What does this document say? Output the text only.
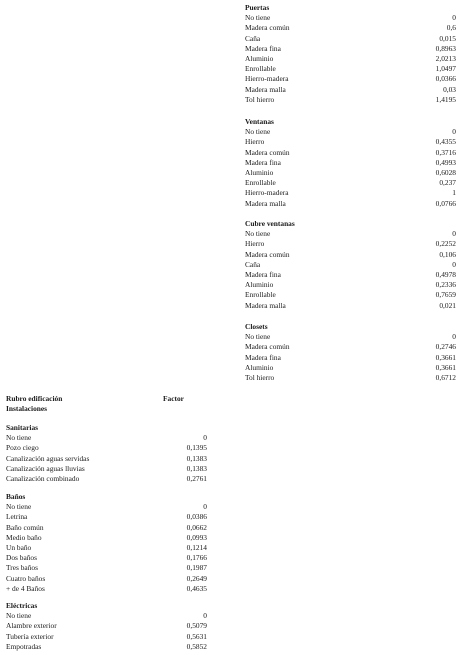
Puertas
No tiene	0
Madera común	0,6
Caña	0,015
Madera fina	0,8963
Aluminio	2,0213
Enrollable	1,0497
Hierro-madera	0,0366
Madera malla	0,03
Tol hierro	1,4195
Ventanas
No tiene	0
Hierro	0,4355
Madera común	0,3716
Madera fina	0,4993
Aluminio	0,6028
Enrollable	0,237
Hierro-madera	1
Madera malla	0,0766
Cubre ventanas
No tiene	0
Hierro	0,2252
Madera común	0,106
Caña	0
Madera fina	0,4978
Aluminio	0,2336
Enrollable	0,7659
Madera malla	0,021
Closets
No tiene	0
Madera común	0,2746
Madera fina	0,3661
Aluminio	0,3661
Tol hierro	0,6712
Rubro edificación	Factor
Instalaciones
Sanitarias
No tiene	0
Pozo ciego	0,1395
Canalización aguas servidas	0,1383
Canalización aguas lluvias	0,1383
Canalización combinado	0,2761
Baños
No tiene	0
Letrina	0,0386
Baño común	0,0662
Medio baño	0,0993
Un baño	0,1214
Dos baños	0,1766
Tres baños	0,1987
Cuatro baños	0,2649
+ de 4 Baños	0,4635
Eléctricas
No tiene	0
Alambre exterior	0,5079
Tubería exterior	0,5631
Empotradas	0,5852
